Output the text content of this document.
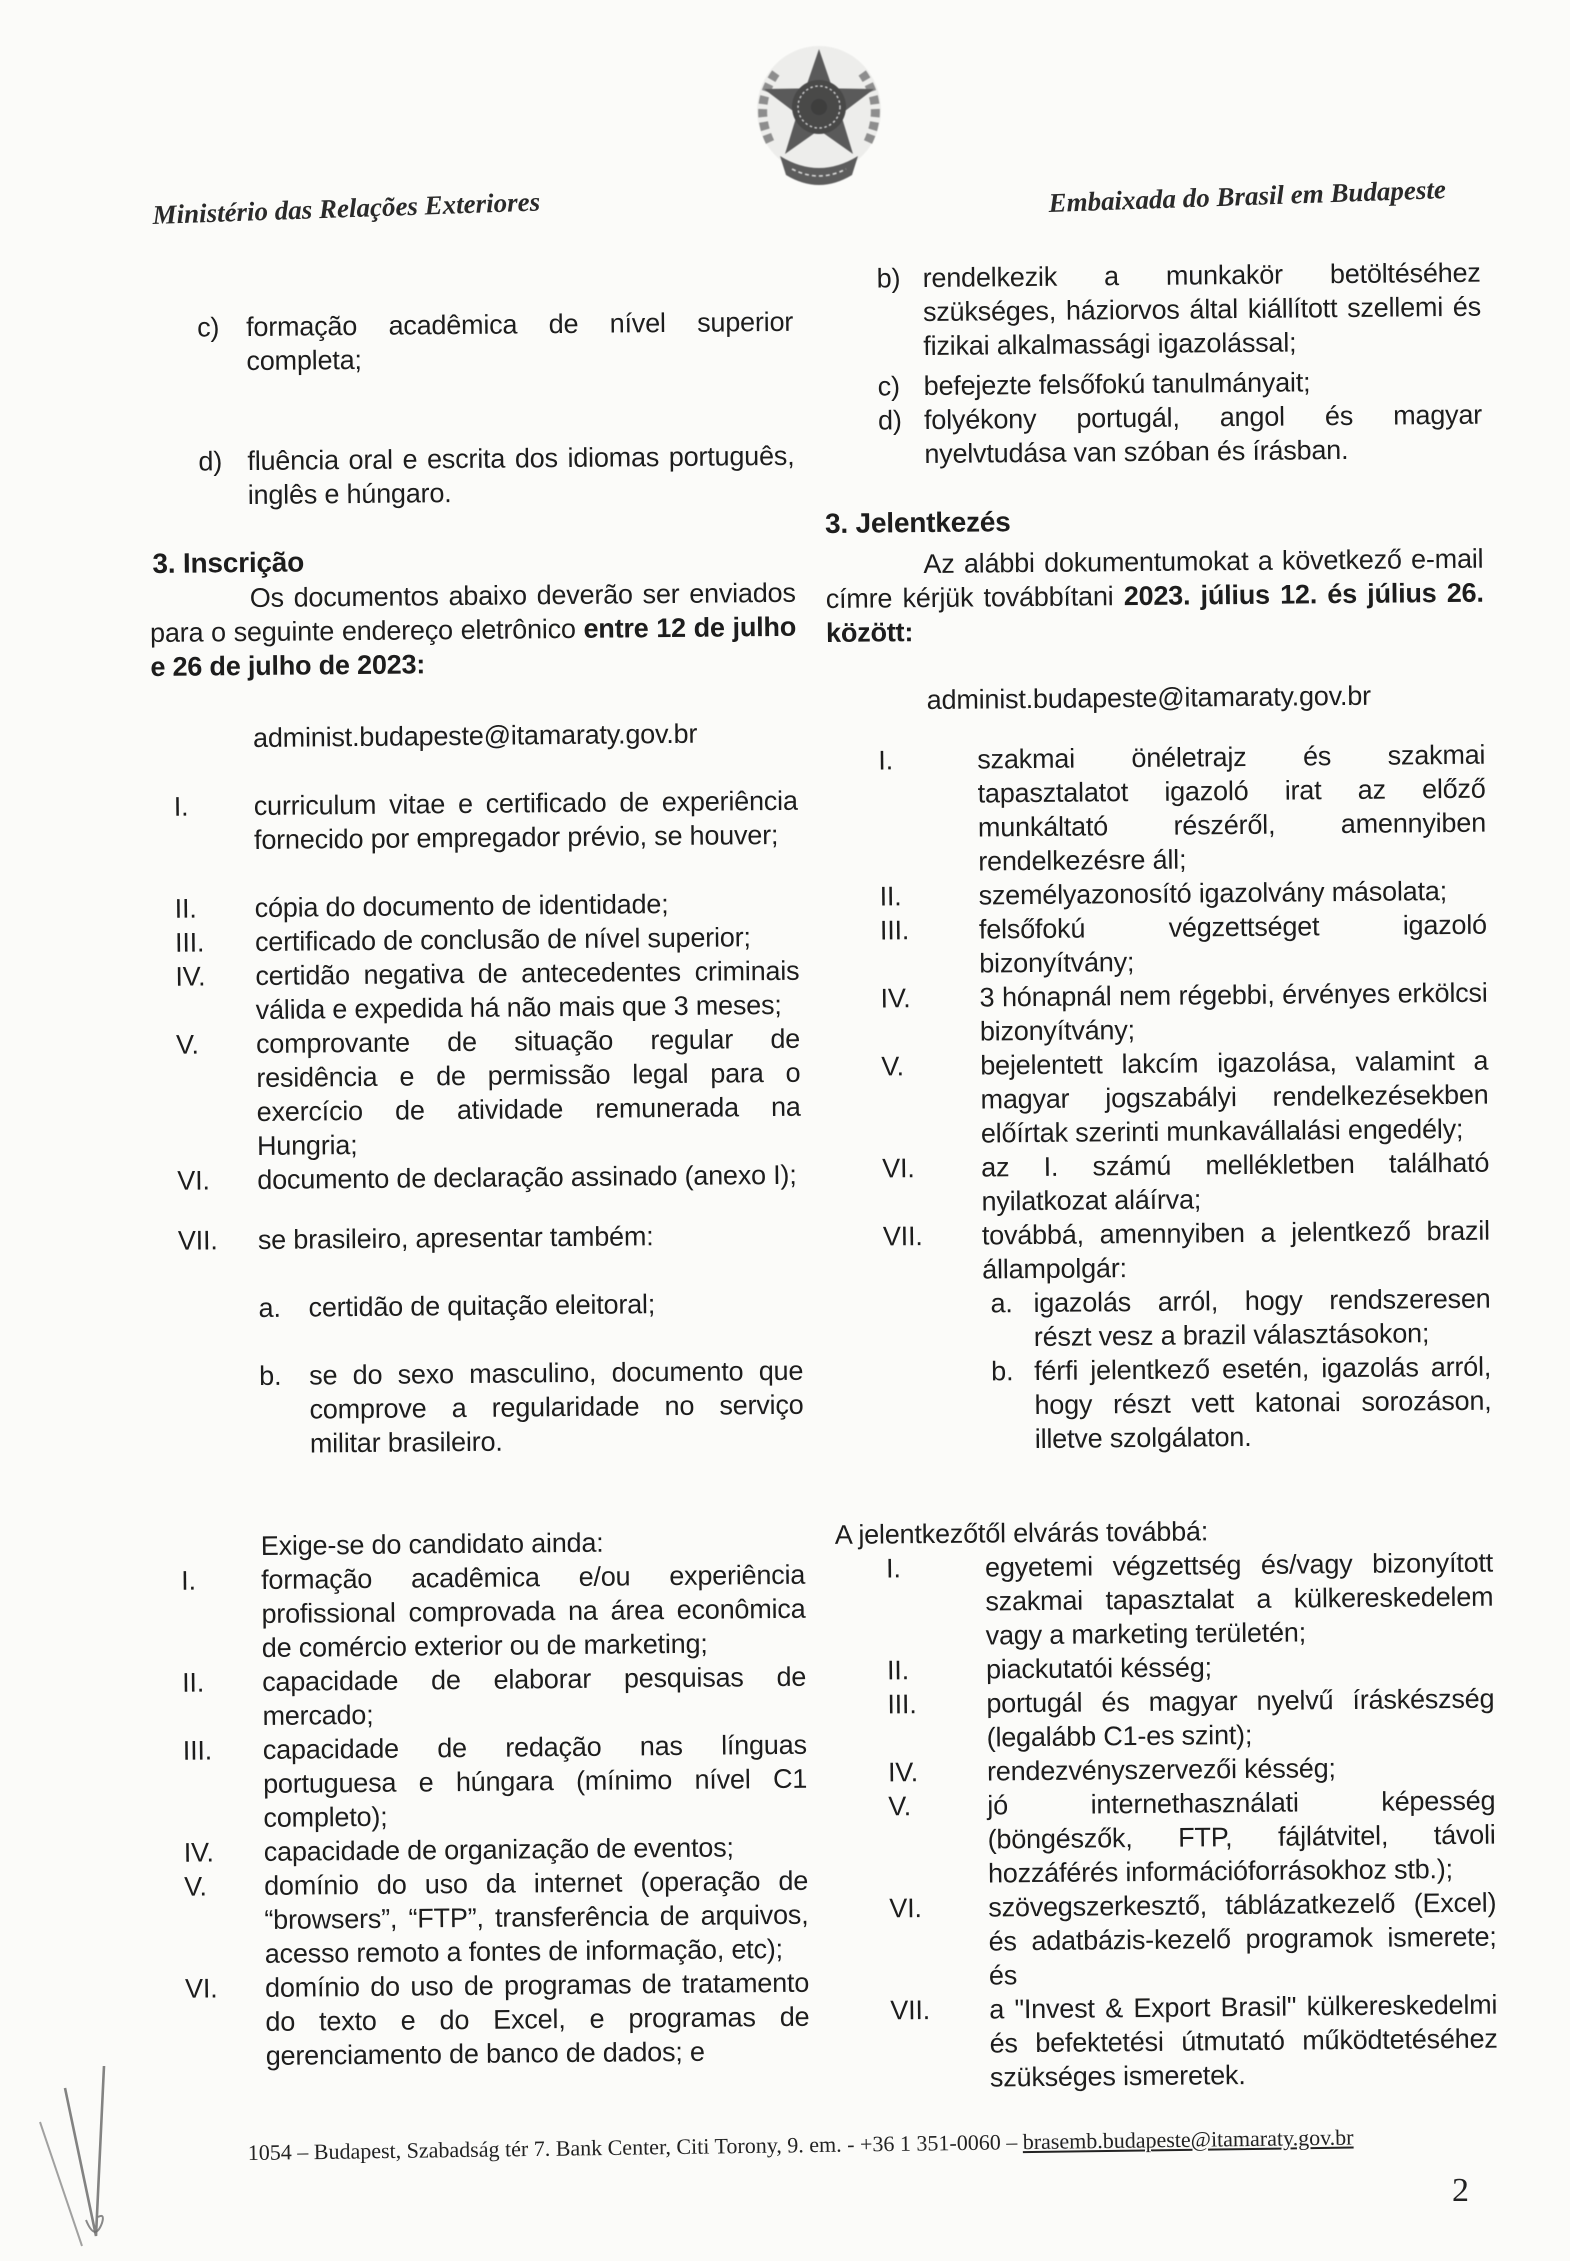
Ministério das Relações Exteriores	Embaixada do Brasil em Budapeste
c) formação acadêmica de nível superior completa;
d) fluência oral e escrita dos idiomas português, inglês e húngaro.
3. Inscrição
Os documentos abaixo deverão ser enviados para o seguinte endereço eletrônico entre 12 de julho e 26 de julho de 2023:
administ.budapeste@itamaraty.gov.br
I. curriculum vitae e certificado de experiência fornecido por empregador prévio, se houver;
II. cópia do documento de identidade;
III. certificado de conclusão de nível superior;
IV. certidão negativa de antecedentes criminais válida e expedida há não mais que 3 meses;
V. comprovante de situação regular de residência e de permissão legal para o exercício de atividade remunerada na Hungria;
VI. documento de declaração assinado (anexo I);
VII. se brasileiro, apresentar também:
a. certidão de quitação eleitoral;
b. se do sexo masculino, documento que comprove a regularidade no serviço militar brasileiro.
Exige-se do candidato ainda:
I. formação acadêmica e/ou experiência profissional comprovada na área econômica de comércio exterior ou de marketing;
II. capacidade de elaborar pesquisas de mercado;
III. capacidade de redação nas línguas portuguesa e húngara (mínimo nível C1 completo);
IV. capacidade de organização de eventos;
V. domínio do uso da internet (operação de “browsers”, “FTP”, transferência de arquivos, acesso remoto a fontes de informação, etc);
VI. domínio do uso de programas de tratamento do texto e do Excel, e programas de gerenciamento de banco de dados; e
b) rendelkezik a munkakör betöltéséhez szükséges, háziorvos által kiállított szellemi és fizikai alkalmassági igazolással;
c) befejezte felsőfokú tanulmányait;
d) folyékony portugál, angol és magyar nyelvtudása van szóban és írásban.
3. Jelentkezés
Az alábbi dokumentumokat a következő e-mail címre kérjük továbbítani 2023. július 12. és július 26. között:
administ.budapeste@itamaraty.gov.br
I.	szakmai önéletrajz és szakmai tapasztalatot igazoló irat az előző munkáltató részéről, amennyiben rendelkezésre áll;
II.	személyazonosító igazolvány másolata;
III.	felsőfokú végzettséget igazoló bizonyítvány;
IV.	3 hónapnál nem régebbi, érvényes erkölcsi bizonyítvány;
V.	bejelentett lakcím igazolása, valamint a magyar jogszabályi rendelkezésekben előírtak szerinti munkavállalási engedély;
VI. az I. számú mellékletben található nyilatkozat aláírva;
VII. továbbá, amennyiben a jelentkező brazil állampolgár:
a. igazolás arról, hogy rendszeresen részt vesz a brazil választásokon;
b. férfi jelentkező esetén, igazolás arról, hogy részt vett katonai sorozáson, illetve szolgálaton.
A jelentkezőtől elvárás továbbá:
I.	egyetemi végzettség és/vagy bizonyított szakmai tapasztalat a külkereskedelem vagy a marketing területén;
II.	piackutatói késség;
III.	portugál és magyar nyelvű íráskészség (legalább C1-es szint);
IV.	rendezvényszervezői késség;
V.	jó internethasználati képesség (böngészők, FTP, fájlátvitel, távoli hozzáférés információforrásokhoz stb.);
VI. szövegszerkesztő, táblázatkezelő (Excel) és adatbázis-kezelő programok ismerete; és
VII. a "Invest & Export Brasil" külkereskedelmi és befektetési útmutató működtetéséhez szükséges ismeretek.
1054 – Budapest, Szabadság tér 7. Bank Center, Citi Torony, 9. em. - +36 1 351-0060 – brasemb.budapeste@itamaraty.gov.br
2
